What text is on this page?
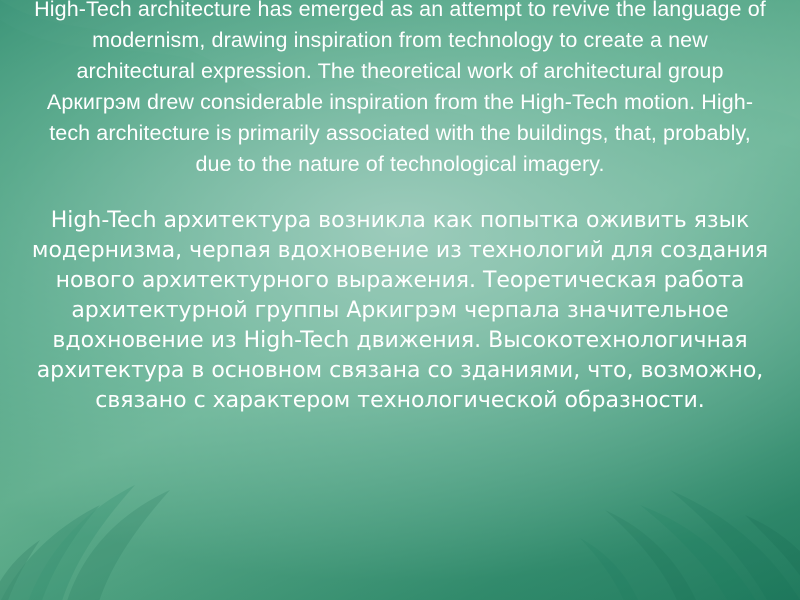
High-Tech architecture has emerged as an attempt to revive the language of modernism, drawing inspiration from technology to create a new architectural expression. The theoretical work of architectural group Аркигрэм drew considerable inspiration from the High-Tech motion. High-tech architecture is primarily associated with the buildings, that, probably, due to the nature of technological imagery.

High-Tech архитектура возникла как попытка оживить язык модернизма, черпая вдохновение из технологий для создания нового архитектурного выражения. Теоретическая работа архитектурной группы Аркигрэм черпала значительное вдохновение из High-Tech движения. Высокотехнологичная архитектура в основном связана со зданиями, что, возможно, связано с характером технологической образности.
